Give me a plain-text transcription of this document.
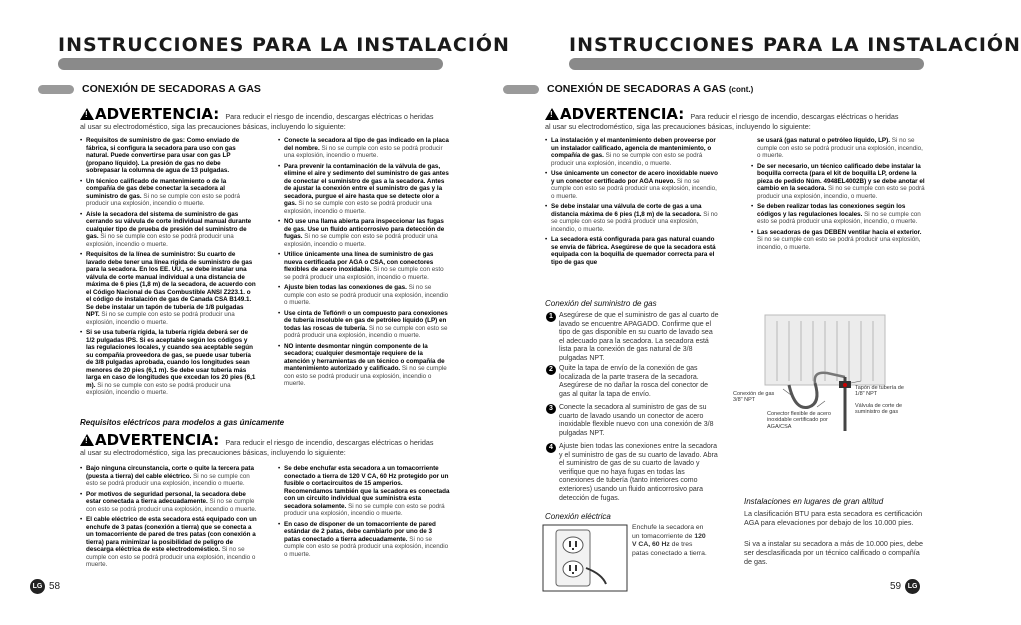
INSTRUCCIONES PARA LA INSTALACIÓN
CONEXIÓN DE SECADORAS A GAS
!ADVERTENCIA: Para reducir el riesgo de incendio, descargas eléctricas o heridas al usar su electrodoméstico, siga las precauciones básicas, incluyendo lo siguiente:
• Requisitos de suministro de gas: Como enviado de fábrica, si configura la secadora para uso con gas natural. Puede convertirse para usar con gas LP (propano líquido). La presión de gas no debe sobrepasar la columna de agua de 13 pulgadas.
• Un técnico calificado de mantenimiento o de la compañía de gas debe conectar la secadora al suministro de gas. Si no se cumple con esto se podrá producir una explosión, incendio o muerte.
• Aísle la secadora del sistema de suministro de gas cerrando su válvula de corte individual manual durante cualquier tipo de prueba de presión del suministro de gas. Si no se cumple con esto se podrá producir una explosión, incendio o muerte.
• Requisitos de la línea de suministro: Su cuarto de lavado debe tener una línea rígida de suministro de gas para la secadora. En los EE. UU., se debe instalar una válvula de corte manual individual a una distancia de máxima de 6 pies (1,8 m) de la secadora, de acuerdo con el Código Nacional de Gas Combustible ANSI Z223.1. o el código de instalación de gas de Canada CSA B149.1. Se debe instalar un tapón de tubería de 1/8 pulgadas NPT. Si no se cumple con esto se podrá producir una explosión, incendio o muerte.
• Si se usa tubería rígida, la tubería rígida deberá ser de 1/2 pulgadas IPS. Si es aceptable según los códigos y las regulaciones locales, y cuando sea aceptable según su compañía proveedora de gas, se puede usar tubería de 3/8 pulgadas aprobada, cuando los longitudes sean menores de 20 pies (6,1 m). Se debe usar tubería más larga en caso de longitudes que excedan los 20 pies (6,1 m). Si no se cumple con esto se podrá producir una explosión, incendio o muerte.
• Conecte la secadora al tipo de gas indicado en la placa del nombre. Si no se cumple con esto se podrá producir una explosión, incendio o muerte.
• Para prevenir la contaminación de la válvula de gas, elimine el aire y sedimento del suministro de gas antes de conectar el suministro de gas a la secadora. Antes de ajustar la conexión entre el suministro de gas y la secadora, purgue el aire hasta que se detecte olor a gas. Si no se cumple con esto se podrá producir una explosión, incendio o muerte.
• NO use una llama abierta para inspeccionar las fugas de gas. Use un fluido anticorrosivo para detección de fugas. Si no se cumple con esto se podrá producir una explosión, incendio o muerte.
• Utilice únicamente una línea de suministro de gas nueva certificada por AGA o CSA, con conectores flexibles de acero inoxidable. Si no se cumple con esto se podrá producir una explosión, incendio o muerte.
• Ajuste bien todas las conexiones de gas. Si no se cumple con esto se podrá producir una explosión, incendio o muerte.
• Use cinta de Teflón® o un compuesto para conexiones de tubería insoluble en gas de petróleo líquido (LP) en todas las roscas de tubería. Si no se cumple con esto se podrá producir una explosión, incendio o muerte.
• NO intente desmontar ningún componente de la secadora; cualquier desmontaje requiere de la atención y herramientas de un técnico o compañía de mantenimiento autorizado y calificado. Si no se cumple con esto se podrá producir una explosión, incendio o muerte.
Requisitos eléctricos para modelos a gas únicamente
!ADVERTENCIA: Para reducir el riesgo de incendio, descargas eléctricas o heridas al usar su electrodoméstico, siga las precauciones básicas, incluyendo lo siguiente:
• Bajo ninguna circunstancia, corte o quite la tercera pata (puesta a tierra) del cable eléctrico. Si no se cumple con esto se podrá producir una explosión, incendio o muerte.
• Por motivos de seguridad personal, la secadora debe estar conectada a tierra adecuadamente. Si no se cumple con esto se podrá producir una explosión, incendio o muerte.
• El cable eléctrico de esta secadora está equipado con un enchufe de 3 patas (conexión a tierra) que se conecta a un tomacorriente de pared de tres patas (con conexión a tierra) para minimizar la posibilidad de peligro de descarga eléctrica de este electrodoméstico. Si no se cumple con esto se podrá producir una explosión, incendio o muerte.
• Se debe enchufar esta secadora a un tomacorriente conectado a tierra de 120 V CA, 60 Hz protegido por un fusible o cortacircuitos de 15 amperios. Recomendamos también que la secadora es conectada con un circuito individual que suministra esta secadora solamente. Si no se cumple con esto se podrá producir una explosión, incendio o muerte.
• En caso de disponer de un tomacorriente de pared estándar de 2 patas, debe cambiarlo por uno de 3 patas conectado a tierra adecuadamente. Si no se cumple con esto se podrá producir una explosión, incendio o muerte.
LG 58
INSTRUCCIONES PARA LA INSTALACIÓN
CONEXIÓN DE SECADORAS A GAS (cont.)
!ADVERTENCIA: Para reducir el riesgo de incendio, descargas eléctricas o heridas al usar su electrodoméstico, siga las precauciones básicas, incluyendo lo siguiente:
• La instalación y el mantenimiento deben proveerse por un instalador calificado, agencia de mantenimiento, o compañía de gas. Si no se cumple con esto se podrá producir una explosión, incendio, o muerte.
• Use únicamente un conector de acero inoxidable nuevo y un conector certificado por AGA nuevo. Si no se cumple con esto se podrá producir una explosión, incendio, o muerte.
• Se debe instalar una válvula de corte de gas a una distancia máxima de 6 pies (1,8 m) de la secadora. Si no se cumple con esto se podrá producir una explosión, incendio, o muerte.
• La secadora está configurada para gas natural cuando se envía de fábrica. Asegúrese de que la secadora está equipada con la boquilla de quemador correcta para el tipo de gas que
se usará (gas natural o petróleo líquido, LP). Si no se cumple con esto se podrá producir una explosión, incendio, o muerte.
• De ser necesario, un técnico calificado debe instalar la boquilla correcta (para el kit de boquilla LP, ordene la pieza de pedido Núm. 4948EL4002B) y se debe anotar el cambio en la secadora. Si no se cumple con esto se podrá producir una explosión, incendio, o muerte.
• Se deben realizar todas las conexiones según los códigos y las regulaciones locales. Si no se cumple con esto se podrá producir una explosión, incendio, o muerte.
• Las secadoras de gas DEBEN ventilar hacia el exterior. Si no se cumple con esto se podrá producir una explosión, incendio, o muerte.
Conexión del suministro de gas
1 Asegúrese de que el suministro de gas al cuarto de lavado se encuentre APAGADO. Confirme que el tipo de gas disponible en su cuarto de lavado sea el adecuado para la secadora. La secadora está lista para la conexión de gas natural de 3/8 pulgadas NPT.
2 Quite la tapa de envío de la conexión de gas localizada de la parte trasera de la secadora. Asegúrese de no dañar la rosca del conector de gas al quitar la tapa de envío.
3 Conecte la secadora al suministro de gas de su cuarto de lavado usando un conector de acero inoxidable flexible nuevo con una conexión de 3/8 pulgadas NPT.
4 Ajuste bien todas las conexiones entre la secadora y el suministro de gas de su cuarto de lavado. Abra el suministro de gas de su cuarto de lavado y verifique que no haya fugas en todas las conexiones de tubería (tanto interiores como exteriores) usando un fluido anticorrosivo para detección de fugas.
Conexión de gas 3/8" NPT
Tapón de tubería de 1/8" NPT
Válvula de corte de suministro de gas
Conector flexible de acero inoxidable certificado por AGA/CSA
Conexión eléctrica
Enchufe la secadora en un tomacorriente de 120 V CA, 60 Hz de tres patas conectado a tierra.
Instalaciones en lugares de gran altitud
La clasificación BTU para esta secadora es certificación AGA para elevaciones por debajo de los 10.000 pies.
Si va a instalar su secadora a más de 10.000 pies, debe ser desclasificada por un técnico calificado o compañía de gas.
59 LG
